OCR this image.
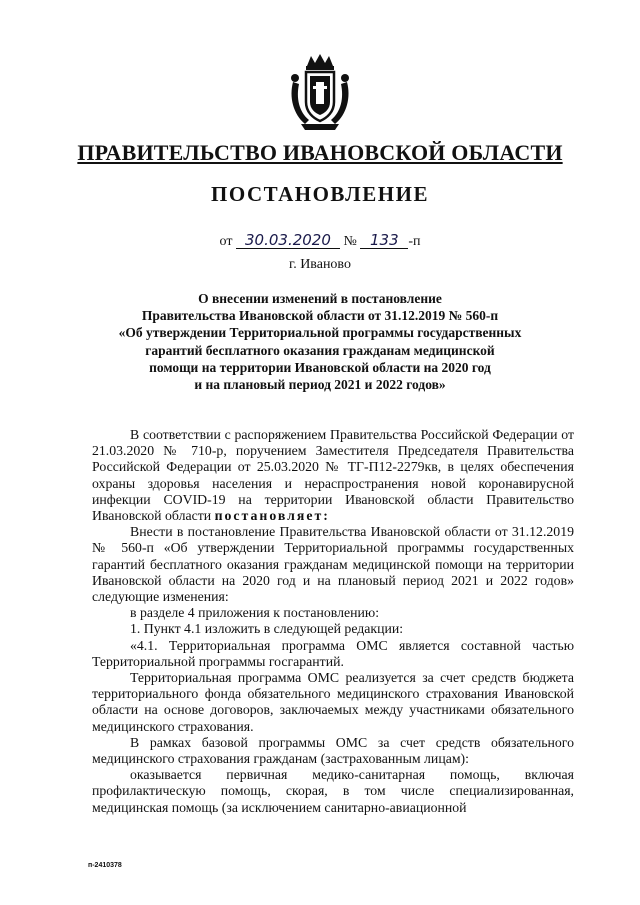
ПРАВИТЕЛЬСТВО ИВАНОВСКОЙ ОБЛАСТИ
ПОСТАНОВЛЕНИЕ
от 30.03.2020 № 133 -п
г. Иваново
О внесении изменений в постановление
Правительства Ивановской области от 31.12.2019 № 560-п
«Об утверждении Территориальной программы государственных
гарантий бесплатного оказания гражданам медицинской
помощи на территории Ивановской области на 2020 год
и на плановый период 2021 и 2022 годов»

В соответствии с распоряжением Правительства Российской Федерации от 21.03.2020 № 710-р, поручением Заместителя Председателя Правительства Российской Федерации от 25.03.2020 № ТГ-П12-2279кв, в целях обеспечения охраны здоровья населения и нераспространения новой коронавирусной инфекции COVID-19 на территории Ивановской области Правительство Ивановской области постановляет:

Внести в постановление Правительства Ивановской области от 31.12.2019 № 560-п «Об утверждении Территориальной программы государственных гарантий бесплатного оказания гражданам медицинской помощи на территории Ивановской области на 2020 год и на плановый период 2021 и 2022 годов» следующие изменения:

в разделе 4 приложения к постановлению:

1. Пункт 4.1 изложить в следующей редакции:

«4.1. Территориальная программа ОМС является составной частью Территориальной программы госгарантий.

Территориальная программа ОМС реализуется за счет средств бюджета территориального фонда обязательного медицинского страхования Ивановской области на основе договоров, заключаемых между участниками обязательного медицинского страхования.

В рамках базовой программы ОМС за счет средств обязательного медицинского страхования гражданам (застрахованным лицам):

оказывается первичная медико-санитарная помощь, включая профилактическую помощь, скорая, в том числе специализированная, медицинская помощь (за исключением санитарно-авиационной

п-2410378
